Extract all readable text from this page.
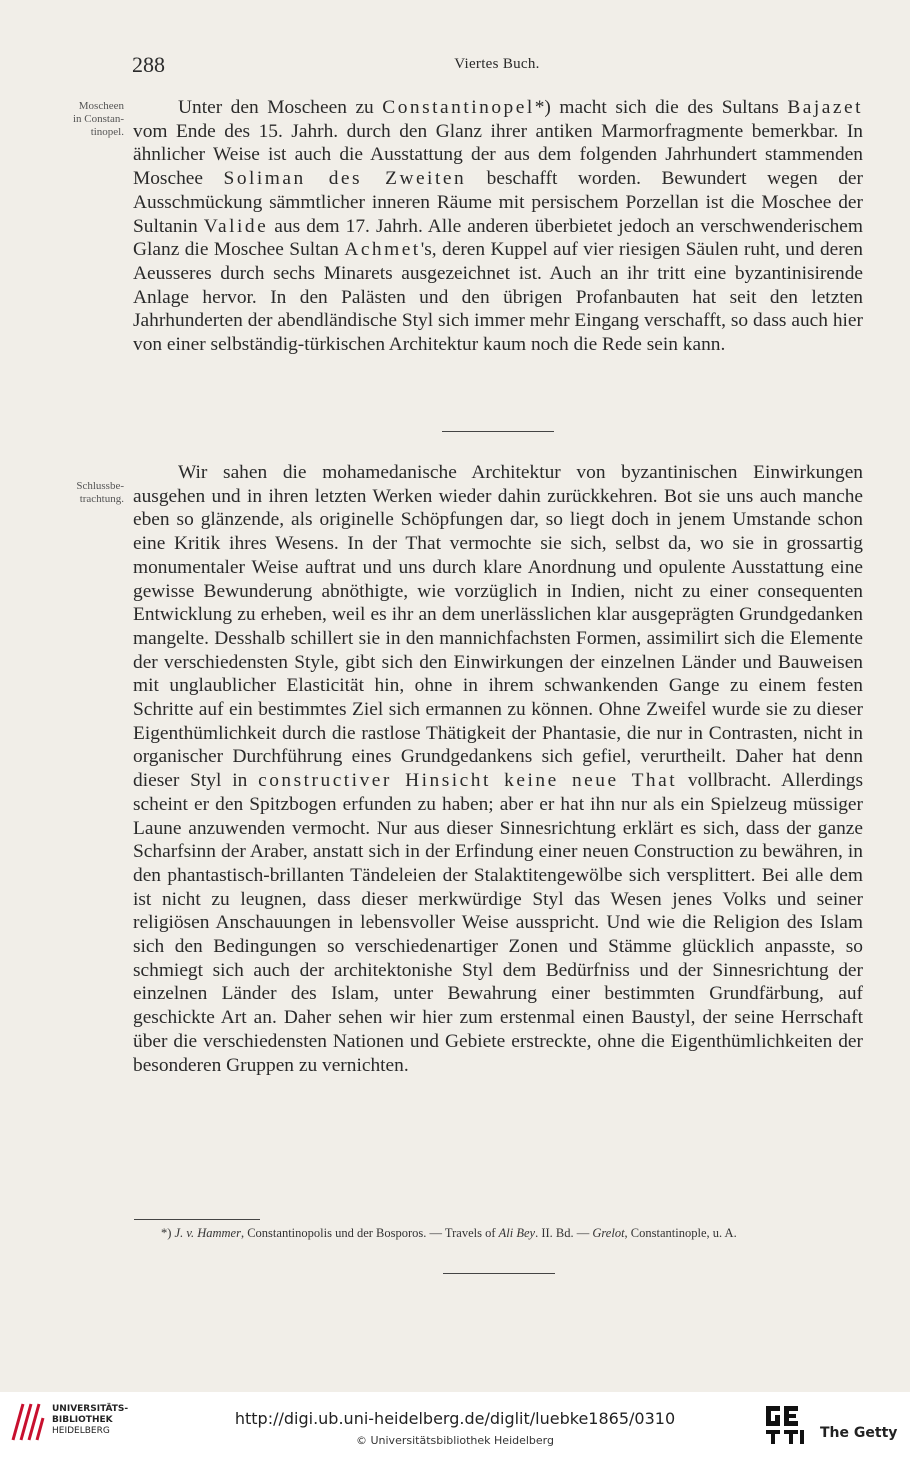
288	Viertes Buch.
Moscheen
in Constan-
tinopel.

Unter den Moscheen zu Constantinopel*) macht sich die des Sultans Bajazet vom Ende des 15. Jahrh. durch den Glanz ihrer antiken Marmorfragmente bemerkbar. In ähnlicher Weise ist auch die Ausstattung der aus dem folgenden Jahrhundert stammenden Moschee Soliman des Zweiten beschafft worden. Bewundert wegen der Ausschmückung sämmtlicher inneren Räume mit persischem Porzellan ist die Moschee der Sultanin Valide aus dem 17. Jahrh. Alle anderen überbietet jedoch an verschwenderischem Glanz die Moschee Sultan Achmet's, deren Kuppel auf vier riesigen Säulen ruht, und deren Aeusseres durch sechs Minarets ausgezeichnet ist. Auch an ihr tritt eine byzantinisirende Anlage hervor. In den Palästen und den übrigen Profanbauten hat seit den letzten Jahrhunderten der abendländische Styl sich immer mehr Eingang verschafft, so dass auch hier von einer selbständig-türkischen Architektur kaum noch die Rede sein kann.

Schlussbe-
trachtung.

Wir sahen die mohamedanische Architektur von byzantinischen Einwirkungen ausgehen und in ihren letzten Werken wieder dahin zurückkehren. Bot sie uns auch manche eben so glänzende, als originelle Schöpfungen dar, so liegt doch in jenem Umstande schon eine Kritik ihres Wesens. In der That vermochte sie sich, selbst da, wo sie in grossartig monumentaler Weise auftrat und uns durch klare Anordnung und opulente Ausstattung eine gewisse Bewunderung abnöthigte, wie vorzüglich in Indien, nicht zu einer consequenten Entwicklung zu erheben, weil es ihr an dem unerlässlichen klar ausgeprägten Grundgedanken mangelte. Desshalb schillert sie in den mannichfachsten Formen, assimilirt sich die Elemente der verschiedensten Style, gibt sich den Einwirkungen der einzelnen Länder und Bauweisen mit unglaublicher Elasticität hin, ohne in ihrem schwankenden Gange zu einem festen Schritte auf ein bestimmtes Ziel sich ermannen zu können. Ohne Zweifel wurde sie zu dieser Eigenthümlichkeit durch die rastlose Thätigkeit der Phantasie, die nur in Contrasten, nicht in organischer Durchführung eines Grundgedankens sich gefiel, verurtheilt. Daher hat denn dieser Styl in constructiver Hinsicht keine neue That vollbracht. Allerdings scheint er den Spitzbogen erfunden zu haben; aber er hat ihn nur als ein Spielzeug müssiger Laune anzuwenden vermocht. Nur aus dieser Sinnesrichtung erklärt es sich, dass der ganze Scharfsinn der Araber, anstatt sich in der Erfindung einer neuen Construction zu bewähren, in den phantastisch-brillanten Tändeleien der Stalaktitengewölbe sich versplittert. Bei alle dem ist nicht zu leugnen, dass dieser merkwürdige Styl das Wesen jenes Volks und seiner religiösen Anschauungen in lebensvoller Weise ausspricht. Und wie die Religion des Islam sich den Bedingungen so verschiedenartiger Zonen und Stämme glücklich anpasste, so schmiegt sich auch der architektonishe Styl dem Bedürfniss und der Sinnesrichtung der einzelnen Länder des Islam, unter Bewahrung einer bestimmten Grundfärbung, auf geschickte Art an. Daher sehen wir hier zum erstenmal einen Baustyl, der seine Herrschaft über die verschiedensten Nationen und Gebiete erstreckte, ohne die Eigenthümlichkeiten der besonderen Gruppen zu vernichten.

*) J. v. Hammer, Constantinopolis und der Bosporos. — Travels of Ali Bey. II. Bd. — Grelot, Constantinople, u. A.

UNIVERSITÄTS-
BIBLIOTHEK
HEIDELBERG
http://digi.ub.uni-heidelberg.de/diglit/luebke1865/0310
© Universitätsbibliothek Heidelberg	The Getty
